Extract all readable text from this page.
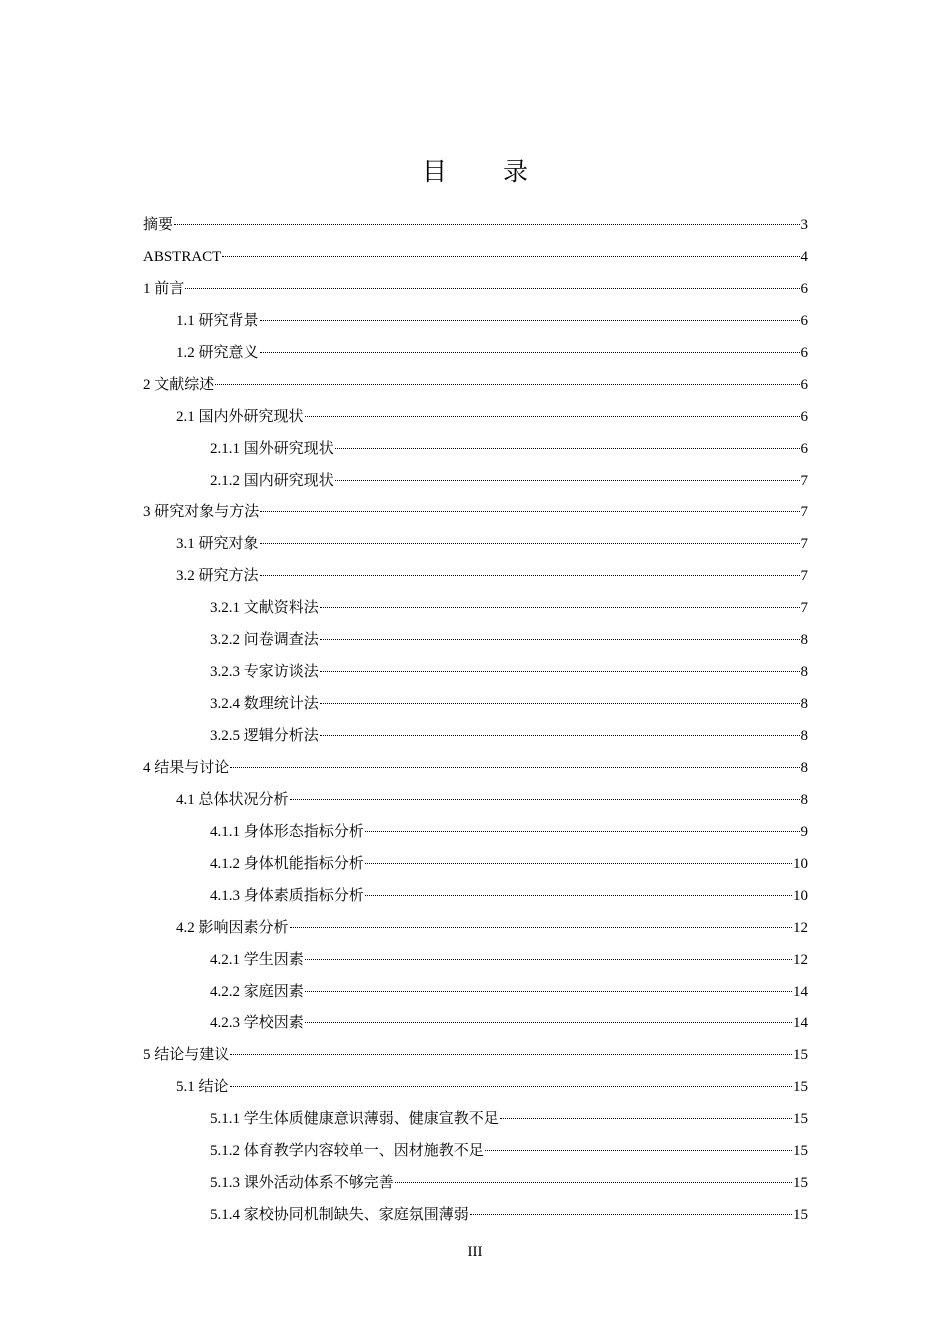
目 录
摘要	3
ABSTRACT	4
1 前言	6
1.1 研究背景	6
1.2 研究意义	6
2 文献综述	6
2.1 国内外研究现状	6
2.1.1 国外研究现状	6
2.1.2 国内研究现状	7
3 研究对象与方法	7
3.1 研究对象	7
3.2 研究方法	7
3.2.1 文献资料法	7
3.2.2 问卷调查法	8
3.2.3 专家访谈法	8
3.2.4 数理统计法	8
3.2.5 逻辑分析法	8
4 结果与讨论	8
4.1 总体状况分析	8
4.1.1 身体形态指标分析	9
4.1.2 身体机能指标分析	10
4.1.3 身体素质指标分析	10
4.2 影响因素分析	12
4.2.1 学生因素	12
4.2.2 家庭因素	14
4.2.3 学校因素	14
5 结论与建议	15
5.1 结论	15
5.1.1 学生体质健康意识薄弱、健康宣教不足	15
5.1.2 体育教学内容较单一、因材施教不足	15
5.1.3 课外活动体系不够完善	15
5.1.4 家校协同机制缺失、家庭氛围薄弱	15
III
